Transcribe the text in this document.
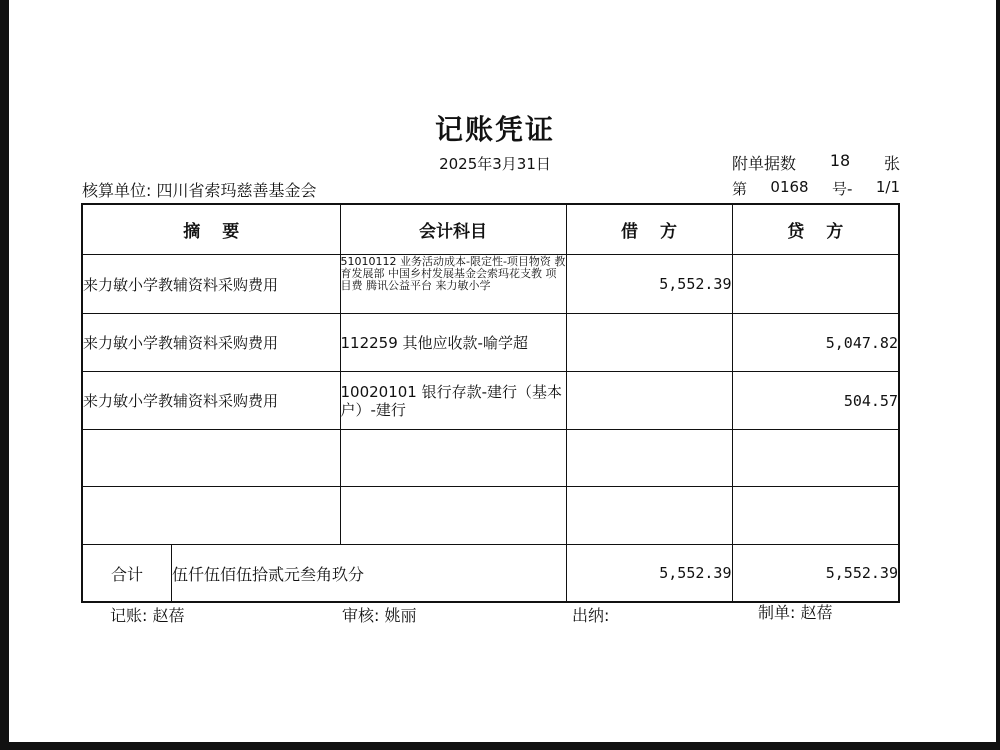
记账凭证
2025年3月31日	附单据数 18 张
第 0168 号- 1/1
核算单位: 四川省索玛慈善基金会
摘要	会计科目	借方	贷方
来力敏小学教辅资料采购费用	51010112 业务活动成本-限定性-项目物资 教育发展部 中国乡村发展基金会索玛花支教 项目费 腾讯公益平台 来力敏小学	5,552.39	
来力敏小学教辅资料采购费用	112259 其他应收款-喻学超		5,047.82
来力敏小学教辅资料采购费用	10020101 银行存款-建行（基本户）-建行		504.57

合计 伍仟伍佰伍拾贰元叁角玖分		5,552.39	5,552.39
记账: 赵蓓	审核: 姚丽	出纳:	制单: 赵蓓
